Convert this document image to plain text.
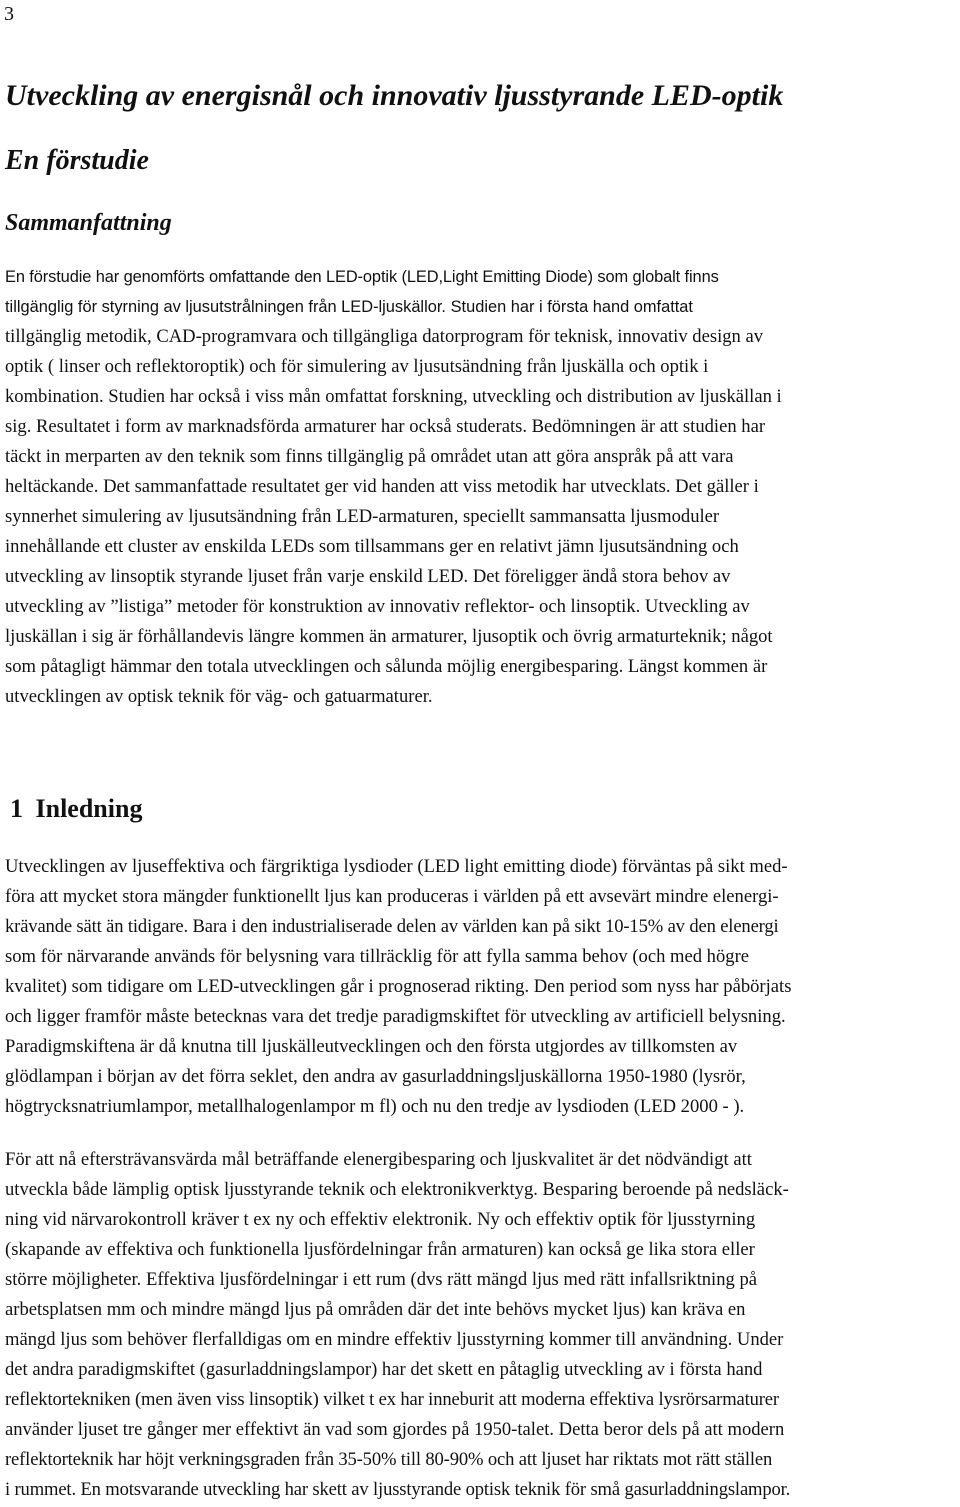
3
Utveckling av energisnål och innovativ ljusstyrande LED-optik
En förstudie
Sammanfattning
En förstudie har genomförts omfattande den LED-optik (LED,Light Emitting Diode) som globalt finns
tillgänglig för styrning av ljusutstrålningen från LED-ljuskällor. Studien har i första hand omfattat
tillgänglig metodik, CAD-programvara och tillgängliga datorprogram för teknisk, innovativ design av
optik ( linser och reflektoroptik) och för simulering av ljusutsändning från ljuskälla och optik i
kombination. Studien har också i viss mån omfattat forskning, utveckling och distribution av ljuskällan i
sig. Resultatet i form av marknadsförda armaturer har också studerats. Bedömningen är att studien har
täckt in merparten av den teknik som finns tillgänglig på området utan att göra anspråk på att vara
heltäckande. Det sammanfattade resultatet ger vid handen att viss metodik har utvecklats. Det gäller i
synnerhet simulering av ljusutsändning från LED-armaturen, speciellt sammansatta ljusmoduler
innehållande ett cluster av enskilda LEDs som tillsammans ger en relativt jämn ljusutsändning och
utveckling av linsoptik styrande ljuset från varje enskild LED. Det föreligger ändå stora behov av
utveckling av ”listiga” metoder för konstruktion av innovativ reflektor- och linsoptik. Utveckling av
ljuskällan i sig är förhållandevis längre kommen än armaturer, ljusoptik och övrig armaturteknik; något
som påtagligt hämmar den totala utvecklingen och sålunda möjlig energibesparing. Längst kommen är
utvecklingen av optisk teknik för väg- och gatuarmaturer.
1 Inledning
Utvecklingen av ljuseffektiva och färgriktiga lysdioder (LED light emitting diode) förväntas på sikt med-
föra att mycket stora mängder funktionellt ljus kan produceras i världen på ett avsevärt mindre elenergi-
krävande sätt än tidigare. Bara i den industrialiserade delen av världen kan på sikt 10-15% av den elenergi
som för närvarande används för belysning vara tillräcklig för att fylla samma behov (och med högre
kvalitet) som tidigare om LED-utvecklingen går i prognoserad rikting. Den period som nyss har påbörjats
och ligger framför måste betecknas vara det tredje paradigmskiftet för utveckling av artificiell belysning.
Paradigmskiftena är då knutna till ljuskälleutvecklingen och den första utgjordes av tillkomsten av
glödlampan i början av det förra seklet, den andra av gasurladdningsljuskällorna 1950-1980 (lysrör,
högtrycksnatriumlampor, metallhalogenlampor m fl) och nu den tredje av lysdioden (LED 2000 - ).
För att nå eftersträvansvärda mål beträffande elenergibesparing och ljuskvalitet är det nödvändigt att
utveckla både lämplig optisk ljusstyrande teknik och elektronikverktyg. Besparing beroende på nedsläck-
ning vid närvarokontroll kräver t ex ny och effektiv elektronik. Ny och effektiv optik för ljusstyrning
(skapande av effektiva och funktionella ljusfördelningar från armaturen) kan också ge lika stora eller
större möjligheter. Effektiva ljusfördelningar i ett rum (dvs rätt mängd ljus med rätt infallsriktning på
arbetsplatsen mm och mindre mängd ljus på områden där det inte behövs mycket ljus) kan kräva en
mängd ljus som behöver flerfalldigas om en mindre effektiv ljusstyrning kommer till användning. Under
det andra paradigmskiftet (gasurladdningslampor) har det skett en påtaglig utveckling av i första hand
reflektortekniken (men även viss linsoptik) vilket t ex har inneburit att moderna effektiva lysrörsarmaturer
använder ljuset tre gånger mer effektivt än vad som gjordes på 1950-talet. Detta beror dels på att modern
reflektorteknik har höjt verkningsgraden från 35-50% till 80-90% och att ljuset har riktats mot rätt ställen
i rummet. En motsvarande utveckling har skett av ljusstyrande optisk teknik för små gasurladdningslampor.
